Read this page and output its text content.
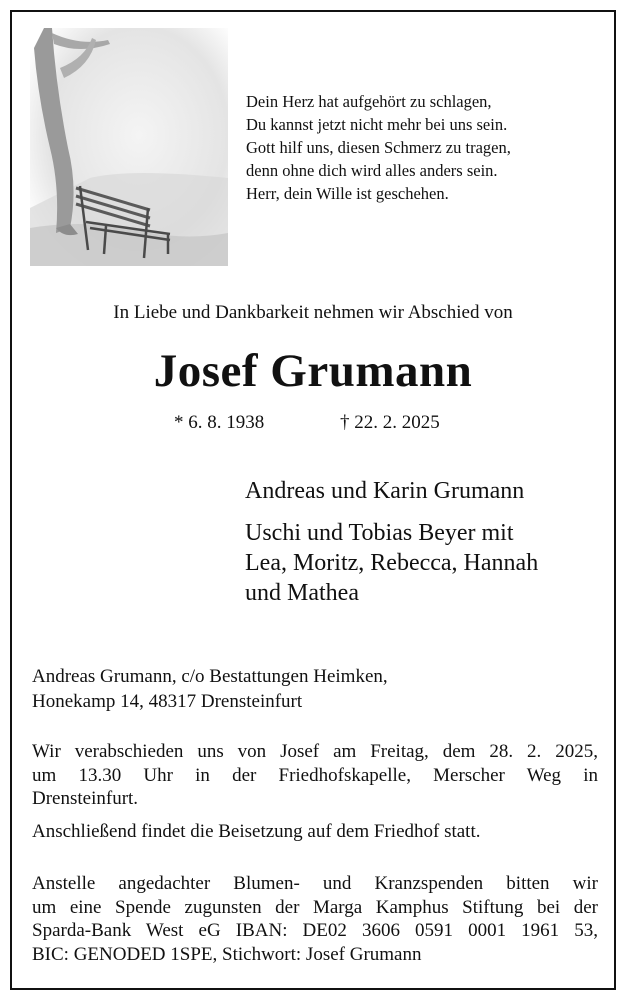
Dein Herz hat aufgehört zu schlagen,
Du kannst jetzt nicht mehr bei uns sein.
Gott hilf uns, diesen Schmerz zu tragen,
denn ohne dich wird alles anders sein.
Herr, dein Wille ist geschehen.
In Liebe und Dankbarkeit nehmen wir Abschied von
Josef Grumann
* 6. 8. 1938	† 22. 2. 2025
Andreas und Karin Grumann
Uschi und Tobias Beyer mit
Lea, Moritz, Rebecca, Hannah
und Mathea
Andreas Grumann, c/o Bestattungen Heimken,
Honekamp 14, 48317 Drensteinfurt
Wir verabschieden uns von Josef am Freitag, dem 28. 2. 2025,
um 13.30 Uhr in der Friedhofskapelle, Merscher Weg in
Drensteinfurt.
Anschließend findet die Beisetzung auf dem Friedhof statt.
Anstelle angedachter Blumen- und Kranzspenden bitten wir
um eine Spende zugunsten der Marga Kamphus Stiftung bei der
Sparda-Bank West eG IBAN: DE02 3606 0591 0001 1961 53,
BIC: GENODED 1SPE, Stichwort: Josef Grumann
